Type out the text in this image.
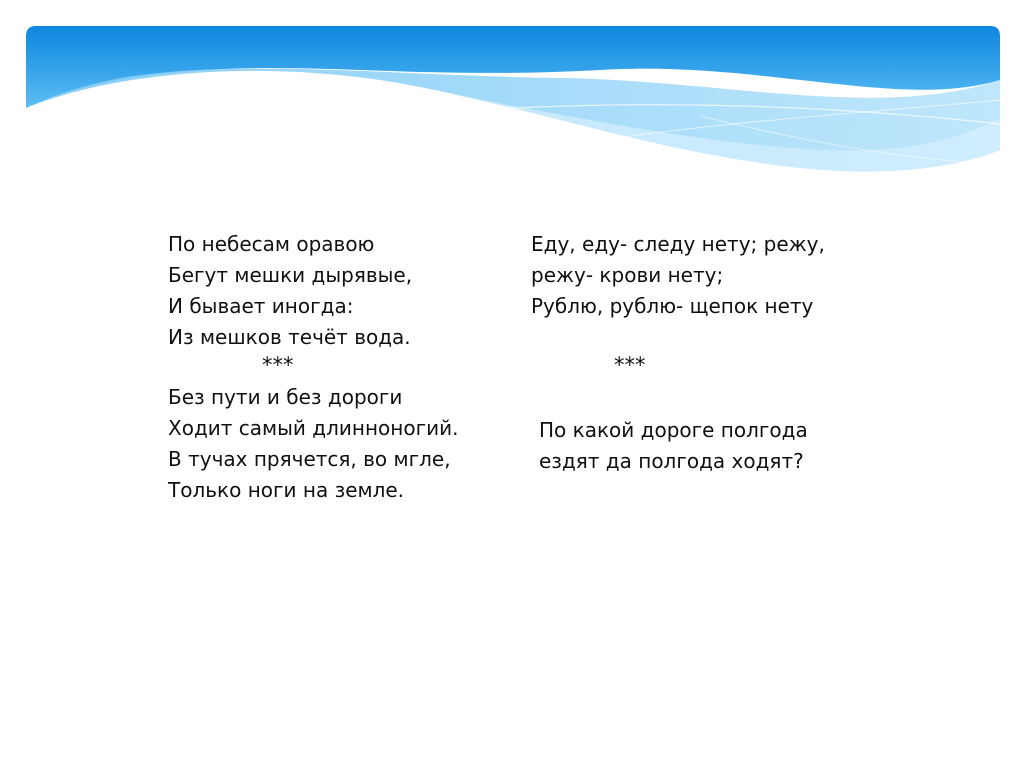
По небесам оравою
Бегут мешки дырявые,
И бывает иногда:
Из мешков течёт вода.
***
Без пути и без дороги
Ходит самый длинноногий.
В тучах прячется, во мгле,
Только ноги на земле.
Еду, еду- следу нету; режу,
режу- крови нету;
Рублю, рублю- щепок нету
***
По какой дороге полгода
ездят да полгода ходят?
